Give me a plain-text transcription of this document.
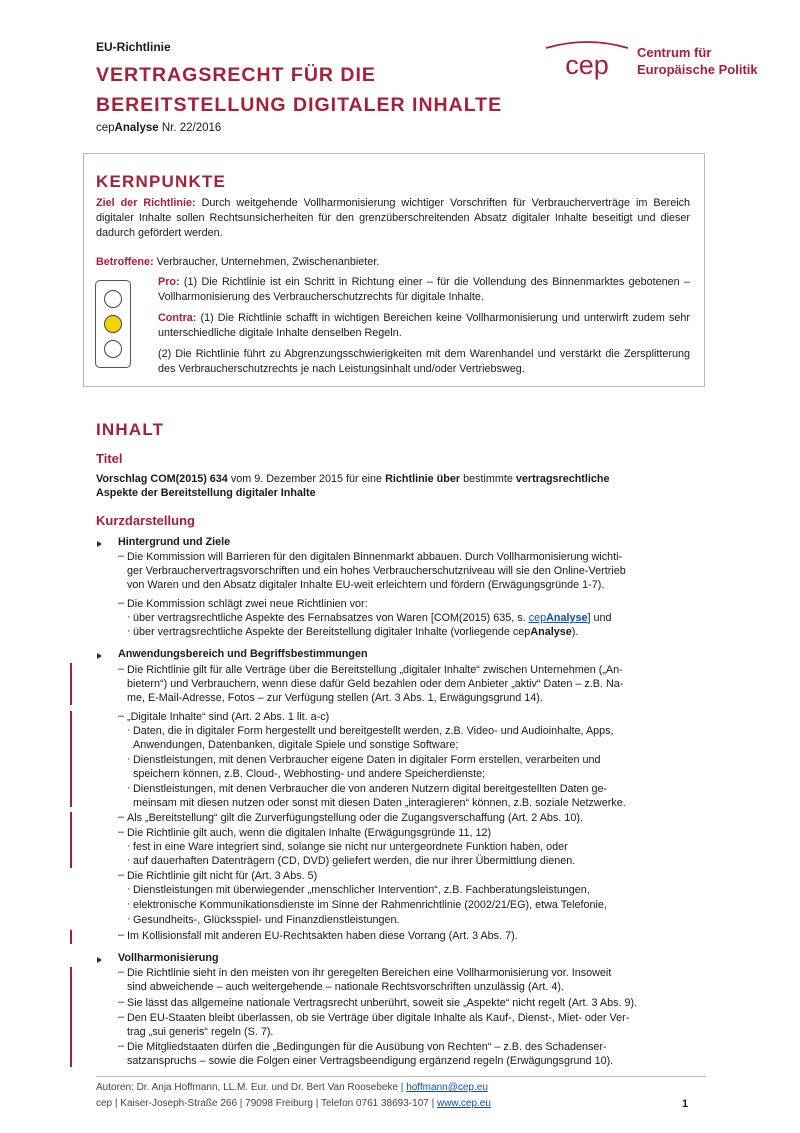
EU-Richtlinie
VERTRAGSRECHT FÜR DIE
BEREITSTELLUNG DIGITALER INHALTE
cepAnalyse Nr. 22/2016
cep Centrum für
Europäische Politik
KERNPUNKTE
Ziel der Richtlinie: Durch weitgehende Vollharmonisierung wichtiger Vorschriften für Verbraucherverträge im Bereich digitaler Inhalte sollen Rechtsunsicherheiten für den grenzüberschreitenden Absatz digitaler Inhalte beseitigt und dieser dadurch gefördert werden.
Betroffene: Verbraucher, Unternehmen, Zwischenanbieter.
Pro: (1) Die Richtlinie ist ein Schritt in Richtung einer – für die Vollendung des Binnenmarktes gebotenen – Vollharmonisierung des Verbraucherschutzrechts für digitale Inhalte.
Contra: (1) Die Richtlinie schafft in wichtigen Bereichen keine Vollharmonisierung und unterwirft zudem sehr unterschiedliche digitale Inhalte denselben Regeln.
(2) Die Richtlinie führt zu Abgrenzungsschwierigkeiten mit dem Warenhandel und verstärkt die Zersplitterung des Verbraucherschutzrechts je nach Leistungsinhalt und/oder Vertriebsweg.
INHALT
Titel
Vorschlag COM(2015) 634 vom 9. Dezember 2015 für eine Richtlinie über bestimmte vertragsrechtliche
Aspekte der Bereitstellung digitaler Inhalte
Kurzdarstellung
Hintergrund und Ziele
– Die Kommission will Barrieren für den digitalen Binnenmarkt abbauen. Durch Vollharmonisierung wichti-
ger Verbrauchervertragsvorschriften und ein hohes Verbraucherschutzniveau will sie den Online-Vertrieb
von Waren und den Absatz digitaler Inhalte EU-weit erleichtern und fördern (Erwägungsgründe 1-7).
– Die Kommission schlägt zwei neue Richtlinien vor:
· über vertragsrechtliche Aspekte des Fernabsatzes von Waren [COM(2015) 635, s. cepAnalyse] und
· über vertragsrechtliche Aspekte der Bereitstellung digitaler Inhalte (vorliegende cepAnalyse).
Anwendungsbereich und Begriffsbestimmungen
– Die Richtlinie gilt für alle Verträge über die Bereitstellung „digitaler Inhalte“ zwischen Unternehmen („An-
bietern“) und Verbrauchern, wenn diese dafür Geld bezahlen oder dem Anbieter „aktiv“ Daten – z.B. Na-
me, E-Mail-Adresse, Fotos – zur Verfügung stellen (Art. 3 Abs. 1, Erwägungsgrund 14).
– „Digitale Inhalte“ sind (Art. 2 Abs. 1 lit. a-c)
· Daten, die in digitaler Form hergestellt und bereitgestellt werden, z.B. Video- und Audioinhalte, Apps,
Anwendungen, Datenbanken, digitale Spiele und sonstige Software;
· Dienstleistungen, mit denen Verbraucher eigene Daten in digitaler Form erstellen, verarbeiten und
speichern können, z.B. Cloud-, Webhosting- und andere Speicherdienste;
· Dienstleistungen, mit denen Verbraucher die von anderen Nutzern digital bereitgestellten Daten ge-
meinsam mit diesen nutzen oder sonst mit diesen Daten „interagieren“ können, z.B. soziale Netzwerke.
– Als „Bereitstellung“ gilt die Zurverfügungstellung oder die Zugangsverschaffung (Art. 2 Abs. 10).
– Die Richtlinie gilt auch, wenn die digitalen Inhalte (Erwägungsgründe 11, 12)
· fest in eine Ware integriert sind, solange sie nicht nur untergeordnete Funktion haben, oder
· auf dauerhaften Datenträgern (CD, DVD) geliefert werden, die nur ihrer Übermittlung dienen.
– Die Richtlinie gilt nicht für (Art. 3 Abs. 5)
· Dienstleistungen mit überwiegender „menschlicher Intervention“, z.B. Fachberatungsleistungen,
· elektronische Kommunikationsdienste im Sinne der Rahmenrichtlinie (2002/21/EG), etwa Telefonie,
· Gesundheits-, Glücksspiel- und Finanzdienstleistungen.
– Im Kollisionsfall mit anderen EU-Rechtsakten haben diese Vorrang (Art. 3 Abs. 7).
Vollharmonisierung
– Die Richtlinie sieht in den meisten von ihr geregelten Bereichen eine Vollharmonisierung vor. Insoweit
sind abweichende – auch weitergehende – nationale Rechtsvorschriften unzulässig (Art. 4).
– Sie lässt das allgemeine nationale Vertragsrecht unberührt, soweit sie „Aspekte“ nicht regelt (Art. 3 Abs. 9).
– Den EU-Staaten bleibt überlassen, ob sie Verträge über digitale Inhalte als Kauf-, Dienst-, Miet- oder Ver-
trag „sui generis“ regeln (S. 7).
– Die Mitgliedstaaten dürfen die „Bedingungen für die Ausübung von Rechten“ – z.B. des Schadenser-
satzanspruchs – sowie die Folgen einer Vertragsbeendigung ergänzend regeln (Erwägungsgrund 10).
Autoren: Dr. Anja Hoffmann, LL.M. Eur. und Dr. Bert Van Roosebeke | hoffmann@cep.eu
cep | Kaiser-Joseph-Straße 266 | 79098 Freiburg | Telefon 0761 38693-107 | www.cep.eu	1
